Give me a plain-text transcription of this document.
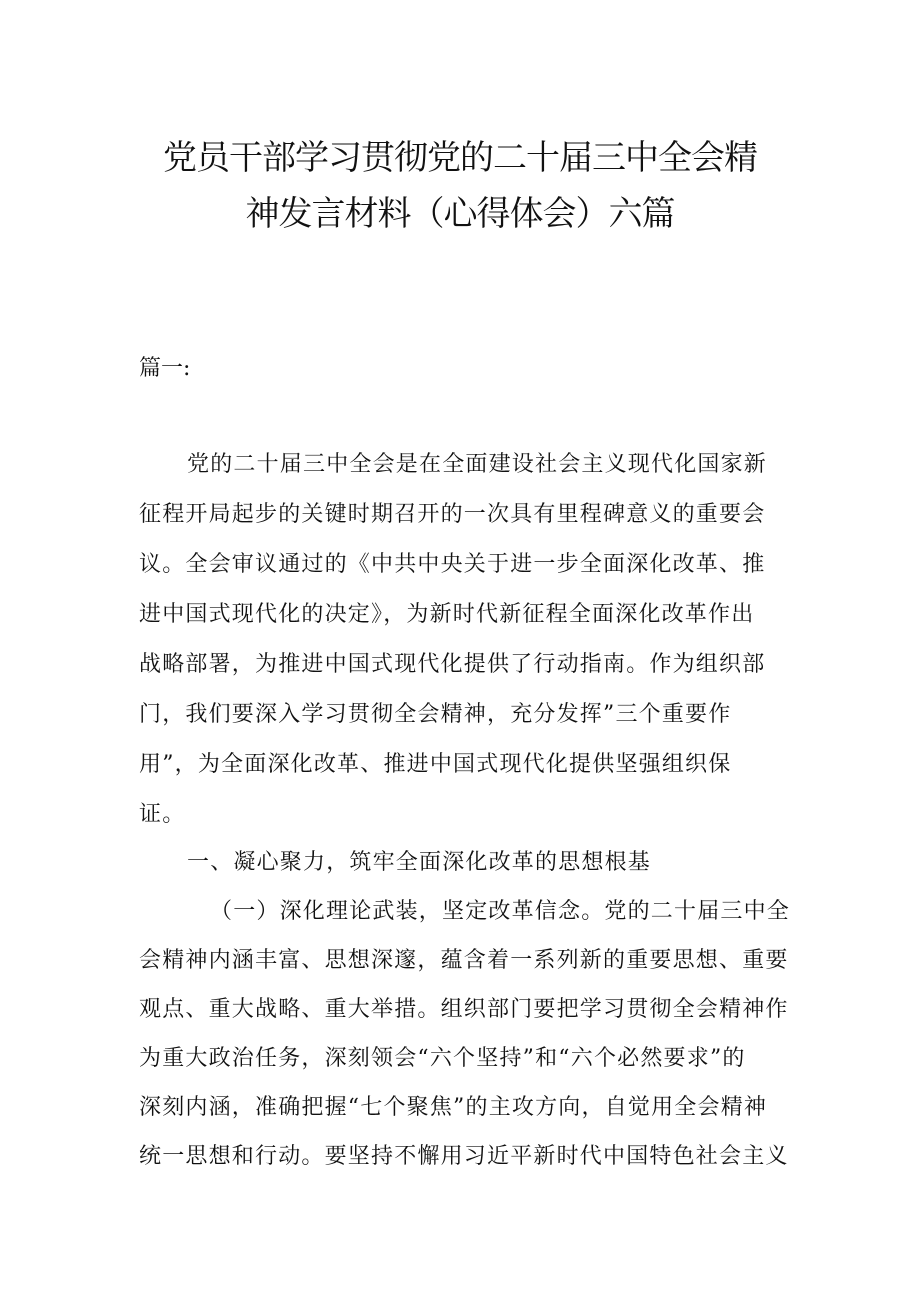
党员干部学习贯彻党的二十届三中全会精
神发言材料（心得体会）六篇
篇一:
党的二十届三中全会是在全面建设社会主义现代化国家新
征程开局起步的关键时期召开的一次具有里程碑意义的重要会
议。全会审议通过的《中共中央关于进一步全面深化改革、推
进中国式现代化的决定》，为新时代新征程全面深化改革作出
战略部署，为推进中国式现代化提供了行动指南。作为组织部
门，我们要深入学习贯彻全会精神，充分发挥”三个重要作
用”，为全面深化改革、推进中国式现代化提供坚强组织保
证。
一、凝心聚力，筑牢全面深化改革的思想根基
（一）深化理论武装，坚定改革信念。党的二十届三中全
会精神内涵丰富、思想深邃，蕴含着一系列新的重要思想、重要
观点、重大战略、重大举措。组织部门要把学习贯彻全会精神作
为重大政治任务，深刻领会“六个坚持”和“六个必然要求”的
深刻内涵，准确把握“七个聚焦”的主攻方向，自觉用全会精神
统一思想和行动。要坚持不懈用习近平新时代中国特色社会主义
